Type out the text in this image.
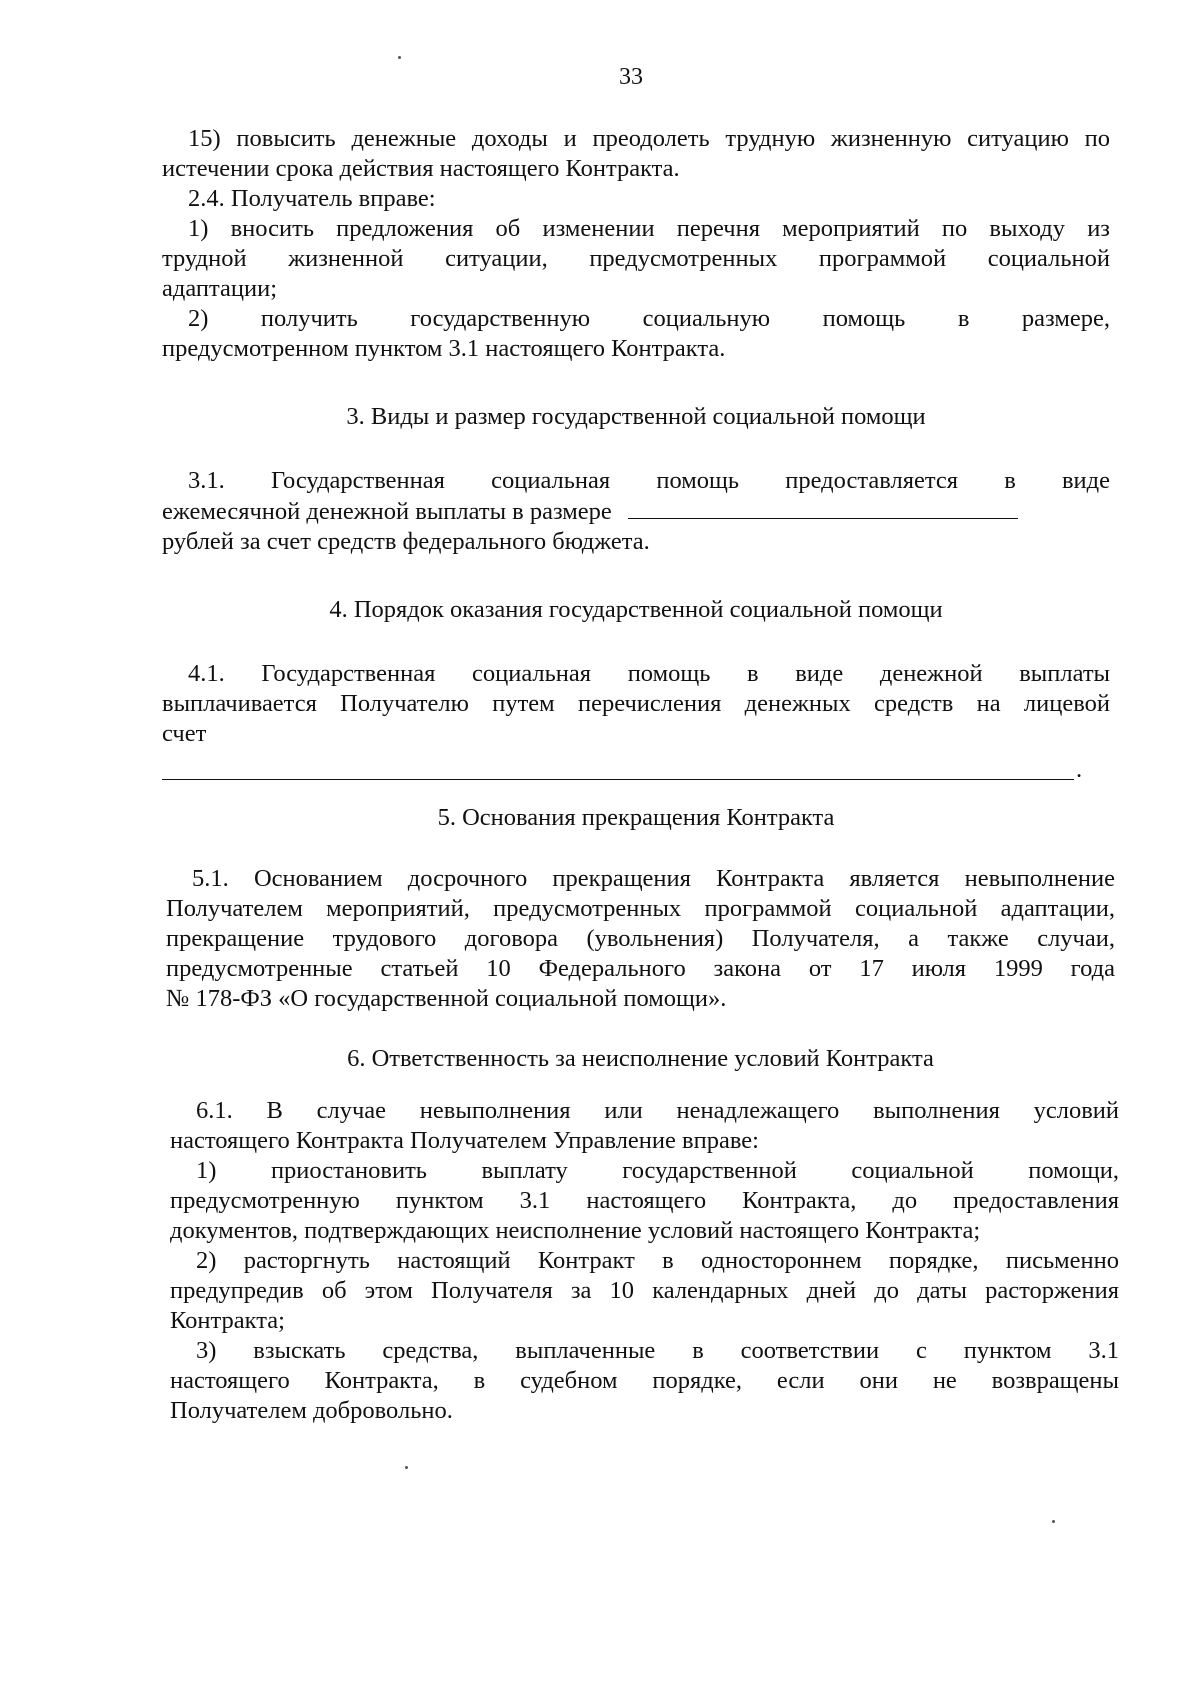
33
15) повысить денежные доходы и преодолеть трудную жизненную ситуацию по
истечении срока действия настоящего Контракта.
2.4. Получатель вправе:
1) вносить предложения об изменении перечня мероприятий по выходу из
трудной жизненной ситуации, предусмотренных программой социальной
адаптации;
2) получить государственную социальную помощь в размере,
предусмотренном пунктом 3.1 настоящего Контракта.
3. Виды и размер государственной социальной помощи
3.1. Государственная социальная помощь предоставляется в виде
ежемесячной денежной выплаты в размере
рублей за счет средств федерального бюджета.
4. Порядок оказания государственной социальной помощи
4.1. Государственная социальная помощь в виде денежной выплаты
выплачивается Получателю путем перечисления денежных средств на лицевой
счет
.
5. Основания прекращения Контракта
5.1. Основанием досрочного прекращения Контракта является невыполнение
Получателем мероприятий, предусмотренных программой социальной адаптации,
прекращение трудового договора (увольнения) Получателя, а также случаи,
предусмотренные статьей 10 Федерального закона от 17 июля 1999 года
№ 178-ФЗ «О государственной социальной помощи».
6. Ответственность за неисполнение условий Контракта
6.1. В случае невыполнения или ненадлежащего выполнения условий
настоящего Контракта Получателем Управление вправе:
1) приостановить выплату государственной социальной помощи,
предусмотренную пунктом 3.1 настоящего Контракта, до предоставления
документов, подтверждающих неисполнение условий настоящего Контракта;
2) расторгнуть настоящий Контракт в одностороннем порядке, письменно
предупредив об этом Получателя за 10 календарных дней до даты расторжения
Контракта;
3) взыскать средства, выплаченные в соответствии с пунктом 3.1
настоящего Контракта, в судебном порядке, если они не возвращены
Получателем добровольно.
